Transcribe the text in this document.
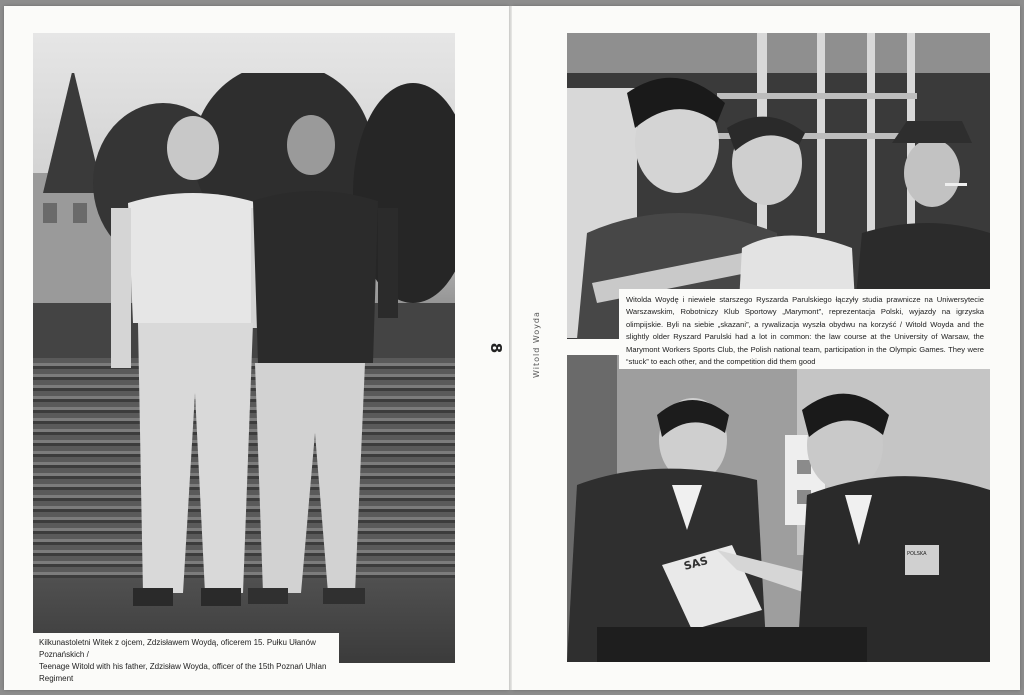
Kilkunastoletni Witek z ojcem, Zdzisławem Woydą, oficerem 15. Pułku Ułanów Poznańskich /
Teenage Witold with his father, Zdzisław Woyda, officer of the 15th Poznań Uhlan Regiment
8	Witold Woyda
SAS
POLSKA
Witolda Woydę i niewiele starszego Ryszarda Parulskiego łączyły studia prawnicze na Uniwersytecie Warszawskim, Robotniczy Klub Sportowy „Marymont”, reprezentacja Polski, wyjazdy na igrzyska olimpijskie. Byli na siebie „skazani”, a rywalizacja wyszła obydwu na korzyść / Witold Woyda and the slightly older Ryszard Parulski had a lot in common: the law course at the University of Warsaw, the Marymont Workers Sports Club, the Polish national team, participation in the Olympic Games. They were “stuck” to each other, and the competition did them good
